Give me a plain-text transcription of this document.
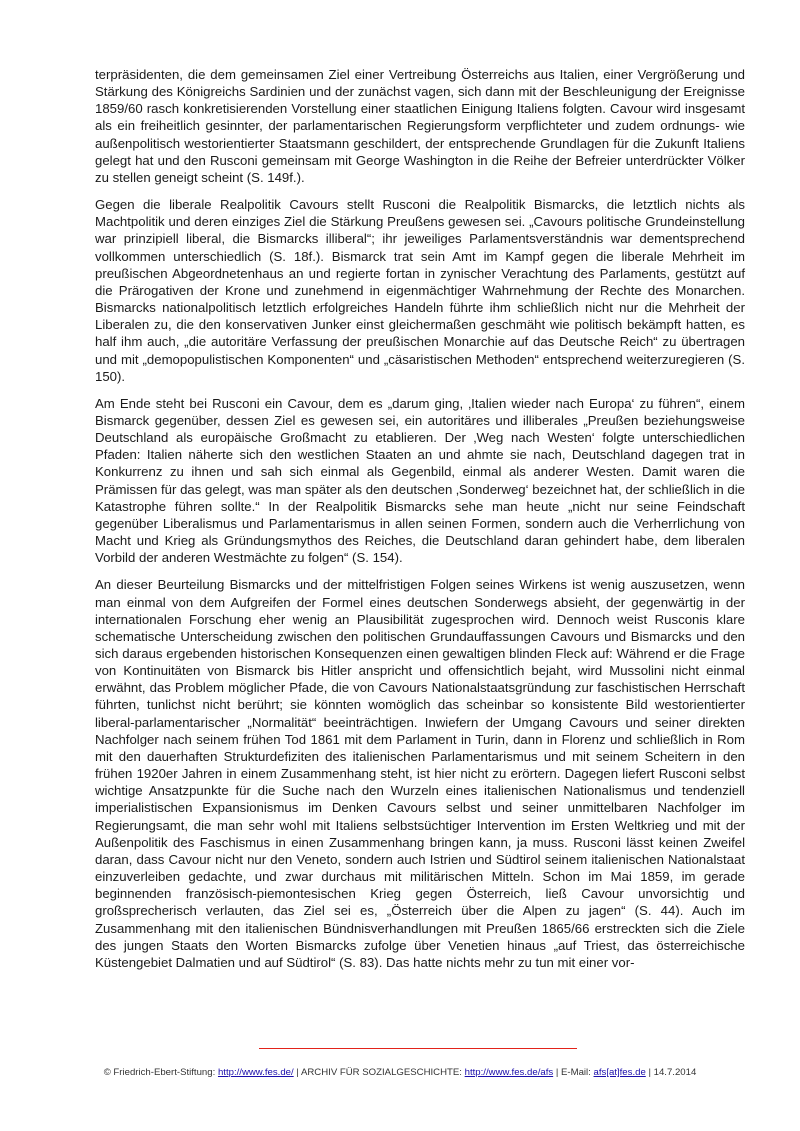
terpräsidenten, die dem gemeinsamen Ziel einer Vertreibung Österreichs aus Italien, einer Vergrößerung und Stärkung des Königreichs Sardinien und der zunächst vagen, sich dann mit der Beschleunigung der Ereignisse 1859/60 rasch konkretisierenden Vorstellung einer staatlichen Einigung Italiens folgten. Cavour wird insgesamt als ein freiheitlich gesinnter, der parlamentarischen Regierungsform verpflichteter und zudem ordnungs- wie außenpolitisch westorientierter Staatsmann geschildert, der entsprechende Grundlagen für die Zukunft Italiens gelegt hat und den Rusconi gemeinsam mit George Washington in die Reihe der Befreier unterdrückter Völker zu stellen geneigt scheint (S. 149f.).

Gegen die liberale Realpolitik Cavours stellt Rusconi die Realpolitik Bismarcks, die letztlich nichts als Machtpolitik und deren einziges Ziel die Stärkung Preußens gewesen sei. „Cavours politische Grundeinstellung war prinzipiell liberal, die Bismarcks illiberal“; ihr jeweiliges Parlamentsverständnis war dementsprechend vollkommen unterschiedlich (S. 18f.). Bismarck trat sein Amt im Kampf gegen die liberale Mehrheit im preußischen Abgeordnetenhaus an und regierte fortan in zynischer Verachtung des Parlaments, gestützt auf die Prärogativen der Krone und zunehmend in eigenmächtiger Wahrnehmung der Rechte des Monarchen. Bismarcks nationalpolitisch letztlich erfolgreiches Handeln führte ihm schließlich nicht nur die Mehrheit der Liberalen zu, die den konservativen Junker einst gleichermaßen geschmäht wie politisch bekämpft hatten, es half ihm auch, „die autoritäre Verfassung der preußischen Monarchie auf das Deutsche Reich“ zu übertragen und mit „demopopulistischen Komponenten“ und „cäsaristischen Methoden“ entsprechend weiterzuregieren (S. 150).

Am Ende steht bei Rusconi ein Cavour, dem es „darum ging, ‚Italien wieder nach Europa‘ zu führen“, einem Bismarck gegenüber, dessen Ziel es gewesen sei, ein autoritäres und illiberales „Preußen beziehungsweise Deutschland als europäische Großmacht zu etablieren. Der ‚Weg nach Westen‘ folgte unterschiedlichen Pfaden: Italien näherte sich den westlichen Staaten an und ahmte sie nach, Deutschland dagegen trat in Konkurrenz zu ihnen und sah sich einmal als Gegenbild, einmal als anderer Westen. Damit waren die Prämissen für das gelegt, was man später als den deutschen ‚Sonderweg‘ bezeichnet hat, der schließlich in die Katastrophe führen sollte.“ In der Realpolitik Bismarcks sehe man heute „nicht nur seine Feindschaft gegenüber Liberalismus und Parlamentarismus in allen seinen Formen, sondern auch die Verherrlichung von Macht und Krieg als Gründungsmythos des Reiches, die Deutschland daran gehindert habe, dem liberalen Vorbild der anderen Westmächte zu folgen“ (S. 154).

An dieser Beurteilung Bismarcks und der mittelfristigen Folgen seines Wirkens ist wenig auszusetzen, wenn man einmal von dem Aufgreifen der Formel eines deutschen Sonderwegs absieht, der gegenwärtig in der internationalen Forschung eher wenig an Plausibilität zugesprochen wird. Dennoch weist Rusconis klare schematische Unterscheidung zwischen den politischen Grundauffassungen Cavours und Bismarcks und den sich daraus ergebenden historischen Konsequenzen einen gewaltigen blinden Fleck auf: Während er die Frage von Kontinuitäten von Bismarck bis Hitler anspricht und offensichtlich bejaht, wird Mussolini nicht einmal erwähnt, das Problem möglicher Pfade, die von Cavours Nationalstaatsgründung zur faschistischen Herrschaft führten, tunlichst nicht berührt; sie könnten womöglich das scheinbar so konsistente Bild westorientierter liberal-parlamentarischer „Normalität“ beeinträchtigen. Inwiefern der Umgang Cavours und seiner direkten Nachfolger nach seinem frühen Tod 1861 mit dem Parlament in Turin, dann in Florenz und schließlich in Rom mit den dauerhaften Strukturdefiziten des italienischen Parlamentarismus und mit seinem Scheitern in den frühen 1920er Jahren in einem Zusammenhang steht, ist hier nicht zu erörtern. Dagegen liefert Rusconi selbst wichtige Ansatzpunkte für die Suche nach den Wurzeln eines italienischen Nationalismus und tendenziell imperialistischen Expansionismus im Denken Cavours selbst und seiner unmittelbaren Nachfolger im Regierungsamt, die man sehr wohl mit Italiens selbstsüchtiger Intervention im Ersten Weltkrieg und mit der Außenpolitik des Faschismus in einen Zusammenhang bringen kann, ja muss. Rusconi lässt keinen Zweifel daran, dass Cavour nicht nur den Veneto, sondern auch Istrien und Südtirol seinem italienischen Nationalstaat einzuverleiben gedachte, und zwar durchaus mit militärischen Mitteln. Schon im Mai 1859, im gerade beginnenden französisch-piemontesischen Krieg gegen Österreich, ließ Cavour unvorsichtig und großsprecherisch verlauten, das Ziel sei es, „Österreich über die Alpen zu jagen“ (S. 44). Auch im Zusammenhang mit den italienischen Bündnisverhandlungen mit Preußen 1865/66 erstreckten sich die Ziele des jungen Staats den Worten Bismarcks zufolge über Venetien hinaus „auf Triest, das österreichische Küstengebiet Dalmatien und auf Südtirol“ (S. 83). Das hatte nichts mehr zu tun mit einer vor-

© Friedrich-Ebert-Stiftung: http://www.fes.de/ | ARCHIV FÜR SOZIALGESCHICHTE: http://www.fes.de/afs | E-Mail: afs[at]fes.de | 14.7.2014
